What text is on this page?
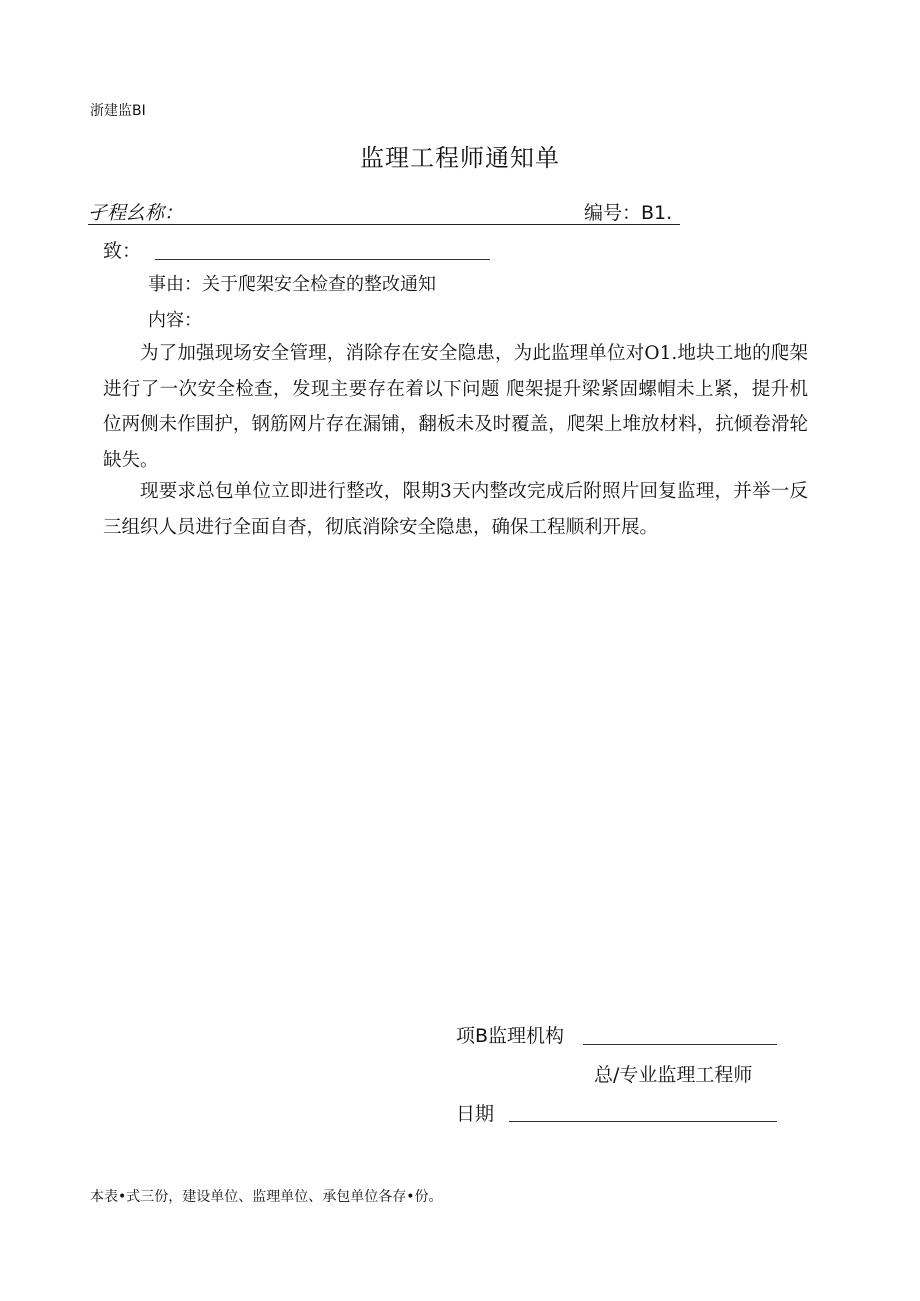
浙建监BI
监理工程师通知单
孑程幺称：	编号：B1.
致：
事由：关于爬架安全检查的整改通知
内容：

为了加强现场安全管理，消除存在安全隐患，为此监理单位对O1.地块工地的爬架进行了一次安全检查，发现主要存在着以下问题 爬架提升梁紧固螺帽未上紧，提升机位两侧未作围护，钢筋网片存在漏铺，翻板未及时覆盖，爬架上堆放材料，抗倾卷滑轮缺失。

现要求总包单位立即进行整改，限期3天内整改完成后附照片回复监理，并举一反三组织人员进行全面自杳，彻底消除安全隐患，确保工程顺利开展。

项B监理机构
总/专业监理工程师
日期
本表•式三份，建设单位、监理单位、承包单位各存•份。
